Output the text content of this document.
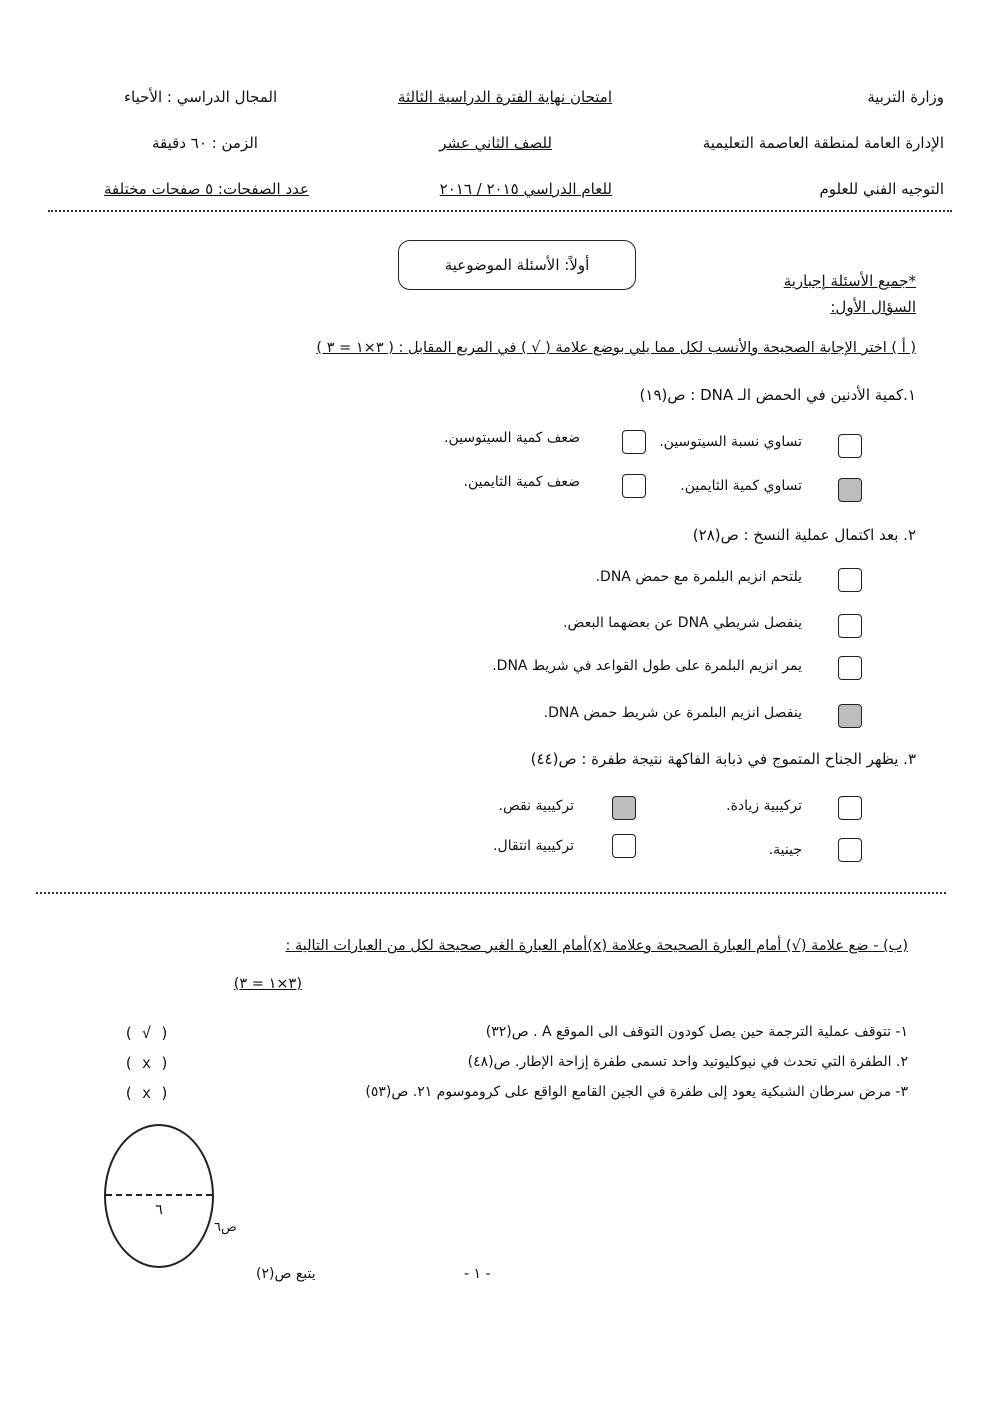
وزارة التربية
الإدارة العامة لمنطقة العاصمة التعليمية
التوجيه الفني للعلوم
امتحان نهاية الفترة الدراسية الثالثة
للصف الثاني عشر
للعام الدراسي ٢٠١٥ / ٢٠١٦
المجال الدراسي : الأحياء
الزمن : ٦٠ دقيقة
عدد الصفحات: ٥ صفحات مختلفة
أولاً: الأسئلة الموضوعية
*جميع الأسئلة إجبارية
السؤال الأول:
( أ ) اختر الإجابة الصحيحة والأنسب لكل مما يلي بوضع علامة ( √ ) في المربع المقابل : ( ٣×١ = ٣ )
١.كمية الأدنين في الحمض الـ DNA : ص(١٩)
تساوي نسبة السيتوسين.
ضعف كمية السيتوسين.
تساوي كمية الثايمين.
ضعف كمية الثايمين.
٢. بعد اكتمال عملية النسخ : ص(٢٨)
يلتحم انزيم البلمرة مع حمض DNA.
ينفصل شريطي DNA عن بعضهما البعض.
يمر انزيم البلمرة على طول القواعد في شريط DNA.
ينفصل انزيم البلمرة عن شريط حمض DNA.
٣. يظهر الجناح المتموج في ذبابة الفاكهة نتيجة طفرة : ص(٤٤)
تركيبية زيادة.
تركيبية نقص.
جينية.
تركيبية انتقال.
(ب) - ضع علامة (√) أمام العبارة الصحيحة وعلامة (x)أمام العبارة الغير صحيحة لكل من العبارات التالية :
(٣×١ = ٣)
١- تتوقف عملية الترجمة حين يصل كودون التوقف الى الموقع A . ص(٣٢)
( √ )
٢. الطفرة التي تحدث في نيوكليوتيد واحد تسمى طفرة إزاحة الإطار. ص(٤٨)
( x )
٣- مرض سرطان الشبكية يعود إلى طفرة في الجين القامع الواقع على كروموسوم ٢١. ص(٥٣)
( x )
٦
ص٦
- ١ -
يتبع ص(٢)
